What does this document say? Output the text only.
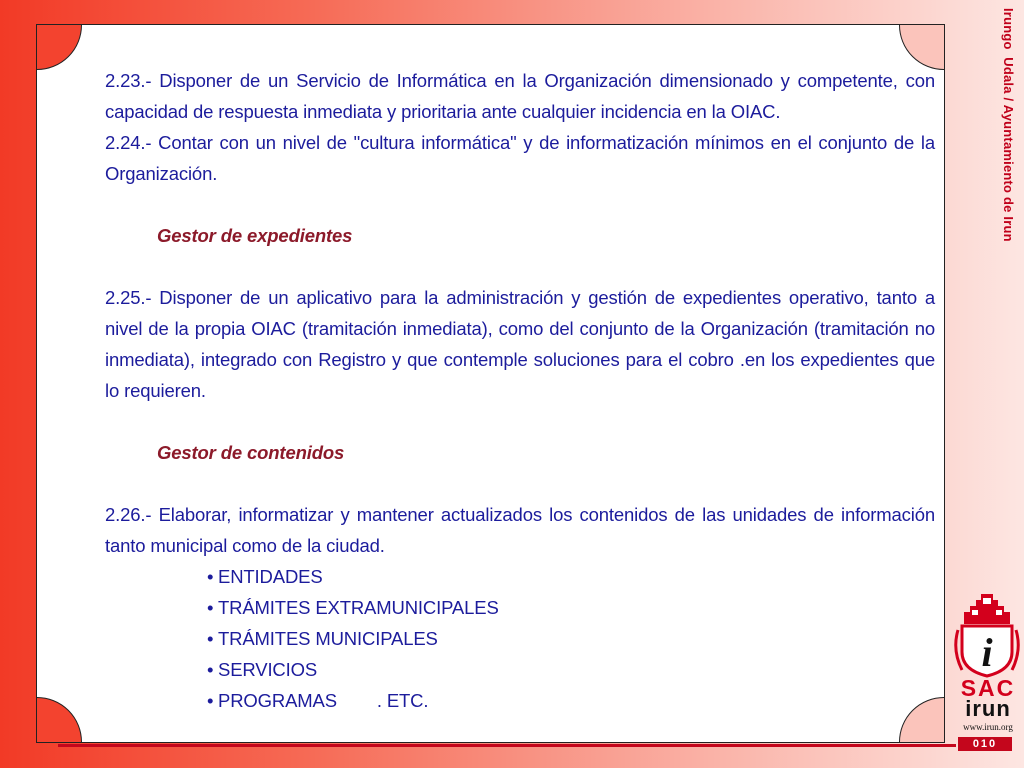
2.23.- Disponer de un Servicio de Informática en la Organización dimensionado y competente, con capacidad de respuesta inmediata y prioritaria ante cualquier incidencia en la OIAC.

2.24.- Contar con un nivel de "cultura informática" y de informatización mínimos en el conjunto de la Organización.

Gestor de expedientes

2.25.- Disponer de un aplicativo para la administración y gestión de expedientes operativo, tanto a nivel de la propia OIAC (tramitación inmediata), como del conjunto de la Organización (tramitación no inmediata), integrado con Registro y que contemple soluciones para el cobro .en los expedientes que lo requieren.

Gestor de contenidos

2.26.- Elaborar, informatizar y mantener actualizados los contenidos de las unidades de información tanto municipal como de la ciudad.

• ENTIDADES
• TRÁMITES EXTRAMUNICIPALES
• TRÁMITES MUNICIPALES
• SERVICIOS
• PROGRAMAS        . ETC.
Irungo  Udala / Ayuntamiento de Irun
i
SAC
irun
www.irun.org
010
